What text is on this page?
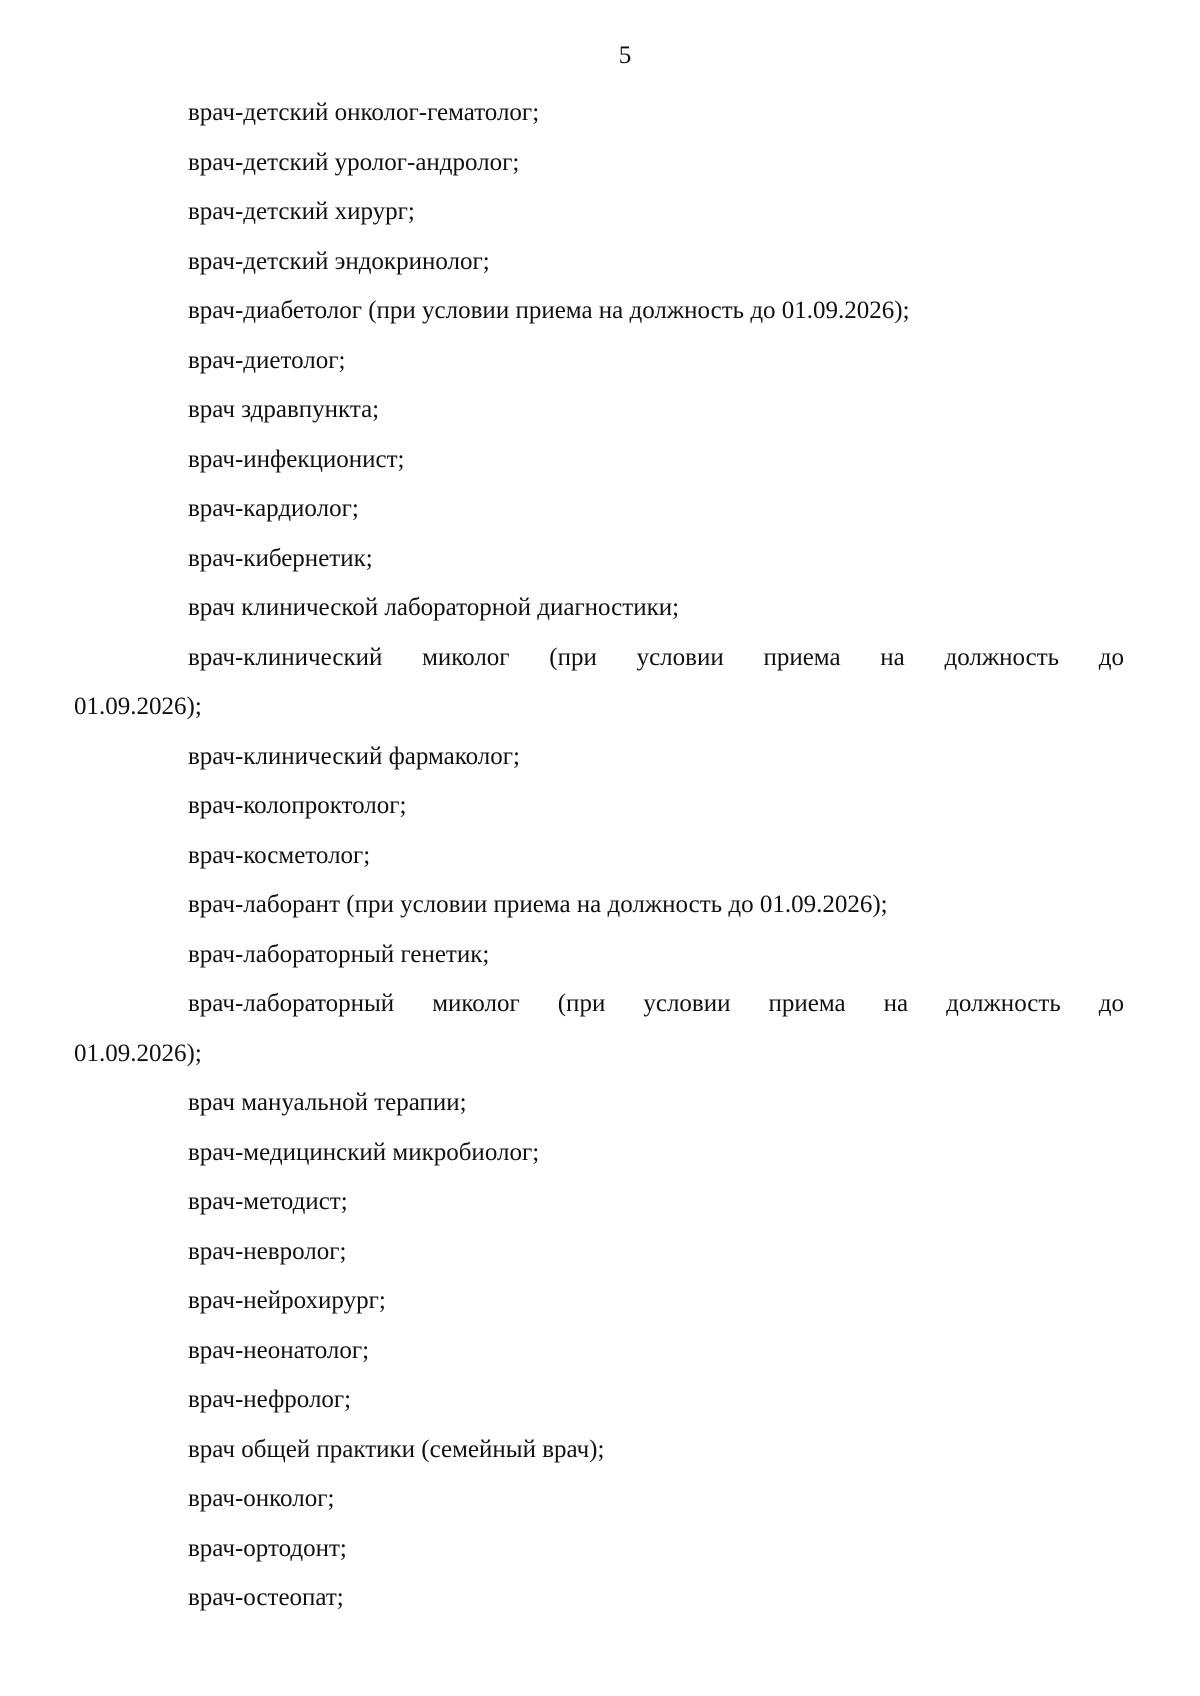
5

врач-детский онколог-гематолог;

врач-детский уролог-андролог;

врач-детский хирург;

врач-детский эндокринолог;

врач-диабетолог (при условии приема на должность до 01.09.2026);

врач-диетолог;

врач здравпункта;

врач-инфекционист;

врач-кардиолог;

врач-кибернетик;

врач клинической лабораторной диагностики;

врач-клинический миколог (при условии приема на должность до
01.09.2026);

врач-клинический фармаколог;

врач-колопроктолог;

врач-косметолог;

врач-лаборант (при условии приема на должность до 01.09.2026);

врач-лабораторный генетик;

врач-лабораторный миколог (при условии приема на должность до
01.09.2026);

врач мануальной терапии;

врач-медицинский микробиолог;

врач-методист;

врач-невролог;

врач-нейрохирург;

врач-неонатолог;

врач-нефролог;

врач общей практики (семейный врач);

врач-онколог;

врач-ортодонт;

врач-остеопат;
